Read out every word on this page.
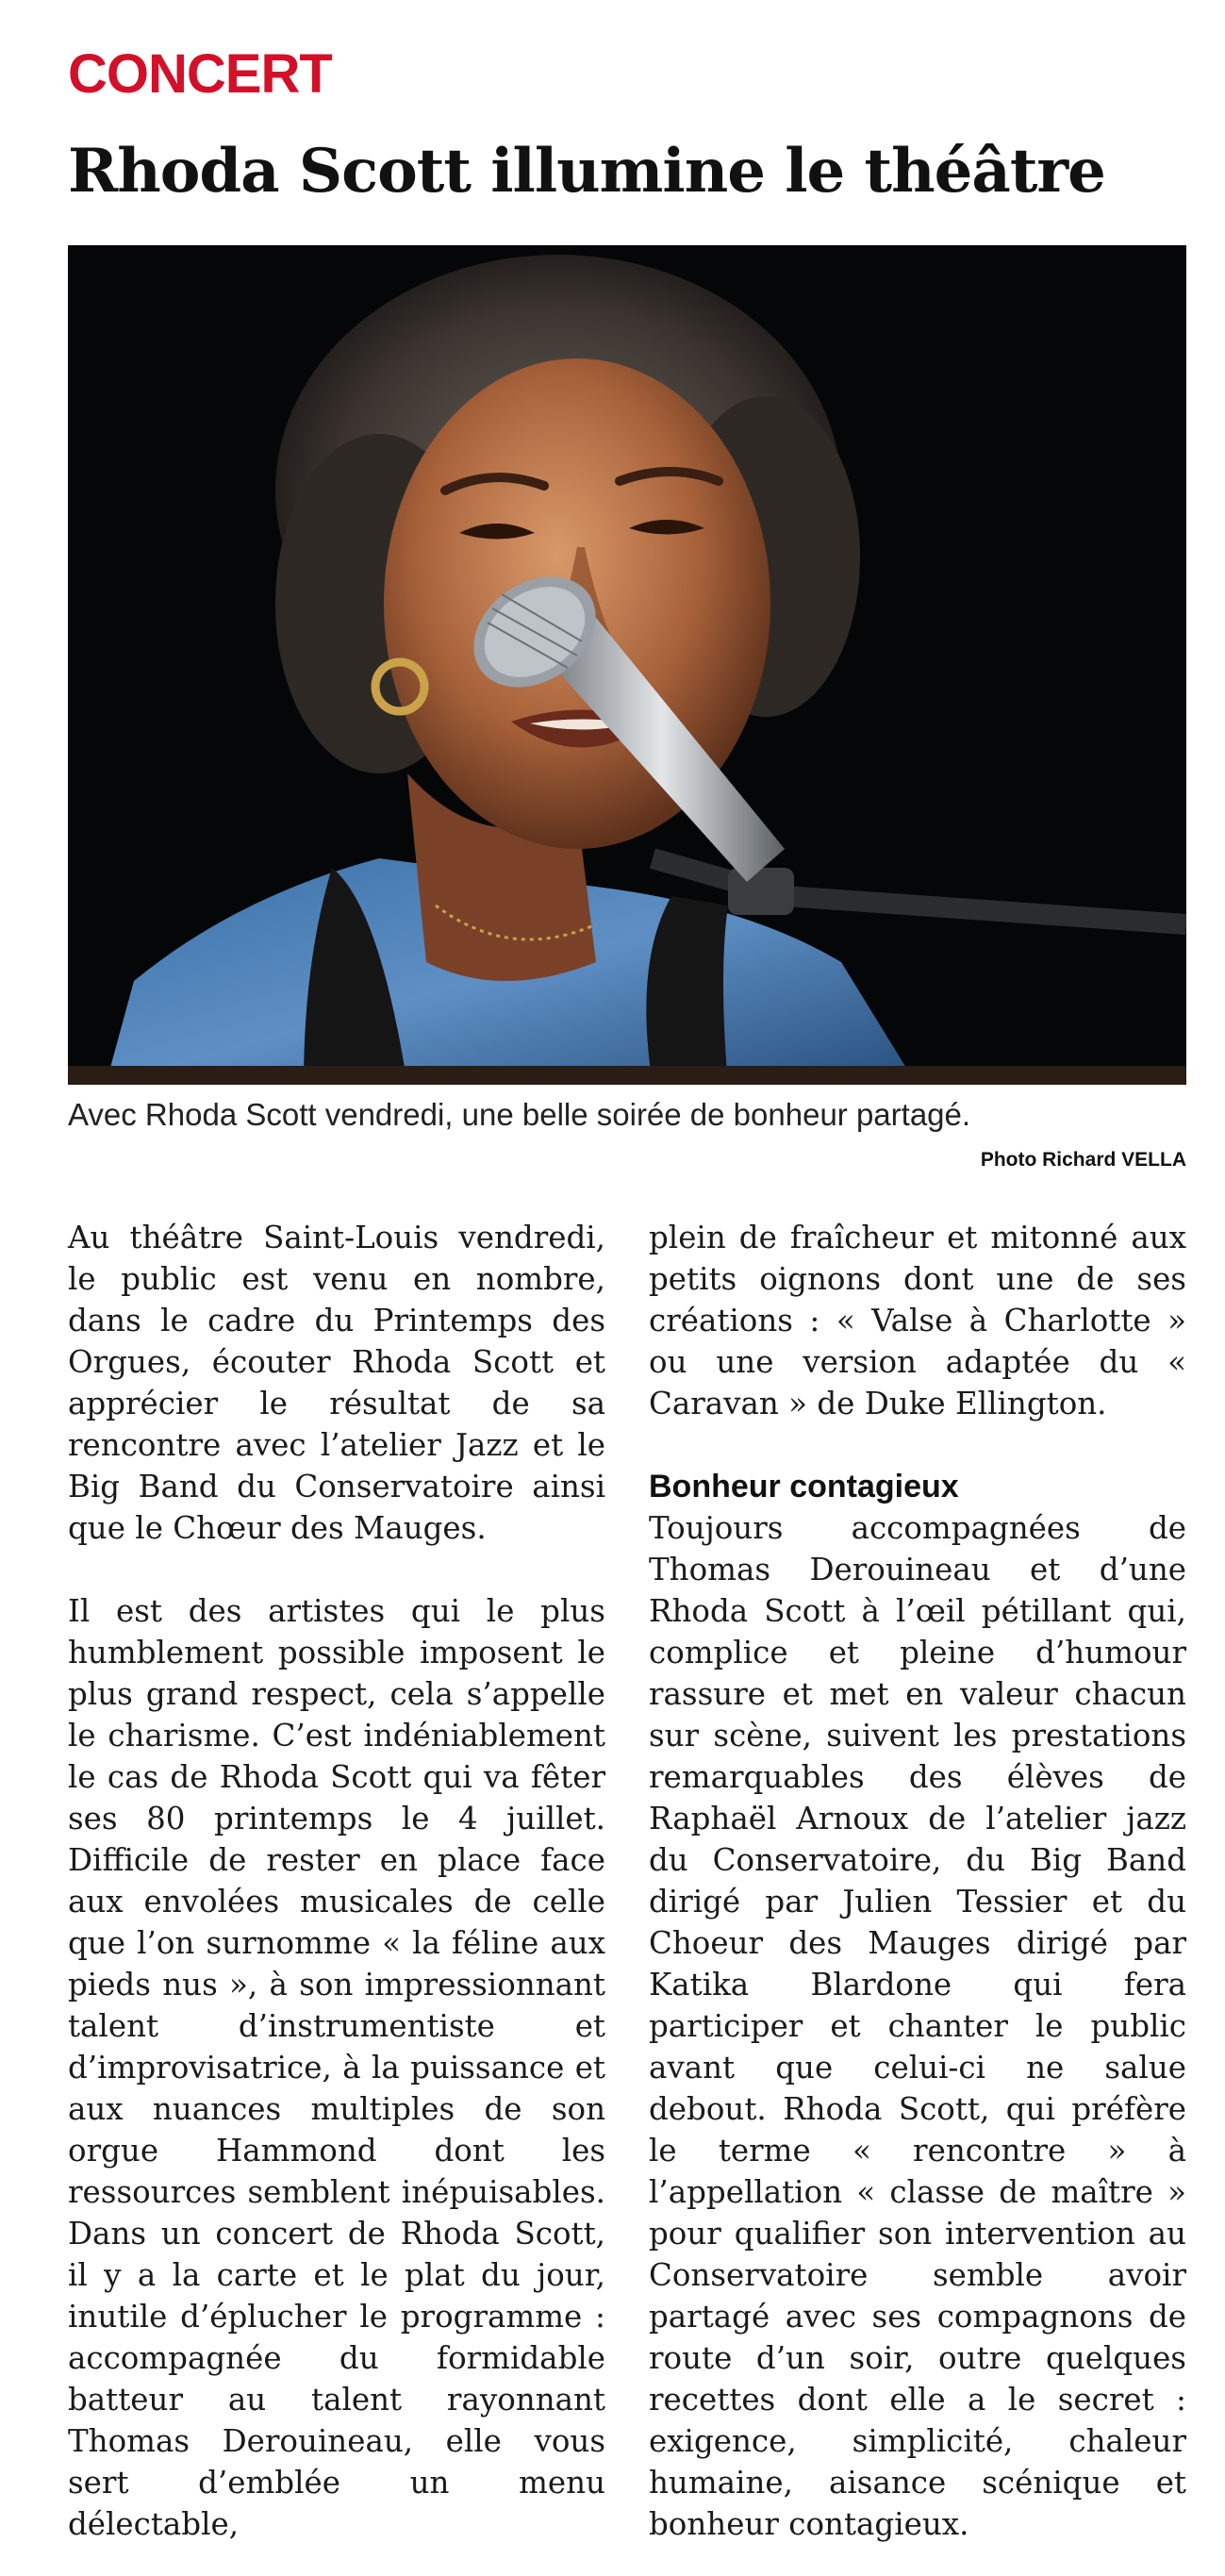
CONCERT
Rhoda Scott illumine le théâtre

Avec Rhoda Scott vendredi, une belle soirée de bonheur partagé.

Photo Richard VELLA

Au théâtre Saint-Louis vendredi, le public est venu en nombre, dans le cadre du Printemps des Orgues, écouter Rhoda Scott et apprécier le résultat de sa rencontre avec l’atelier Jazz et le Big Band du Conservatoire ainsi que le Chœur des Mauges.

Il est des artistes qui le plus humblement possible imposent le plus grand respect, cela s’appelle le charisme. C’est indéniablement le cas de Rhoda Scott qui va fêter ses 80 printemps le 4 juillet. Difficile de rester en place face aux envolées musicales de celle que l’on surnomme « la féline aux pieds nus », à son impressionnant talent d’instrumentiste et d’improvisatrice, à la puissance et aux nuances multiples de son orgue Hammond dont les ressources semblent inépuisables. Dans un concert de Rhoda Scott, il y a la carte et le plat du jour, inutile d’éplucher le programme : accompagnée du formidable batteur au talent rayonnant Thomas Derouineau, elle vous sert d’emblée un menu délectable,

plein de fraîcheur et mitonné aux petits oignons dont une de ses créations : « Valse à Charlotte » ou une version adaptée du « Caravan » de Duke Ellington.

Bonheur contagieux

Toujours accompagnées de Thomas Derouineau et d’une Rhoda Scott à l’œil pétillant qui, complice et pleine d’humour rassure et met en valeur chacun sur scène, suivent les prestations remarquables des élèves de Raphaël Arnoux de l’atelier jazz du Conservatoire, du Big Band dirigé par Julien Tessier et du Choeur des Mauges dirigé par Katika Blardone qui fera participer et chanter le public avant que celui-ci ne salue debout. Rhoda Scott, qui préfère le terme « rencontre » à l’appellation « classe de maître » pour qualifier son intervention au Conservatoire semble avoir partagé avec ses compagnons de route d’un soir, outre quelques recettes dont elle a le secret : exigence, simplicité, chaleur humaine, aisance scénique et bonheur contagieux.
